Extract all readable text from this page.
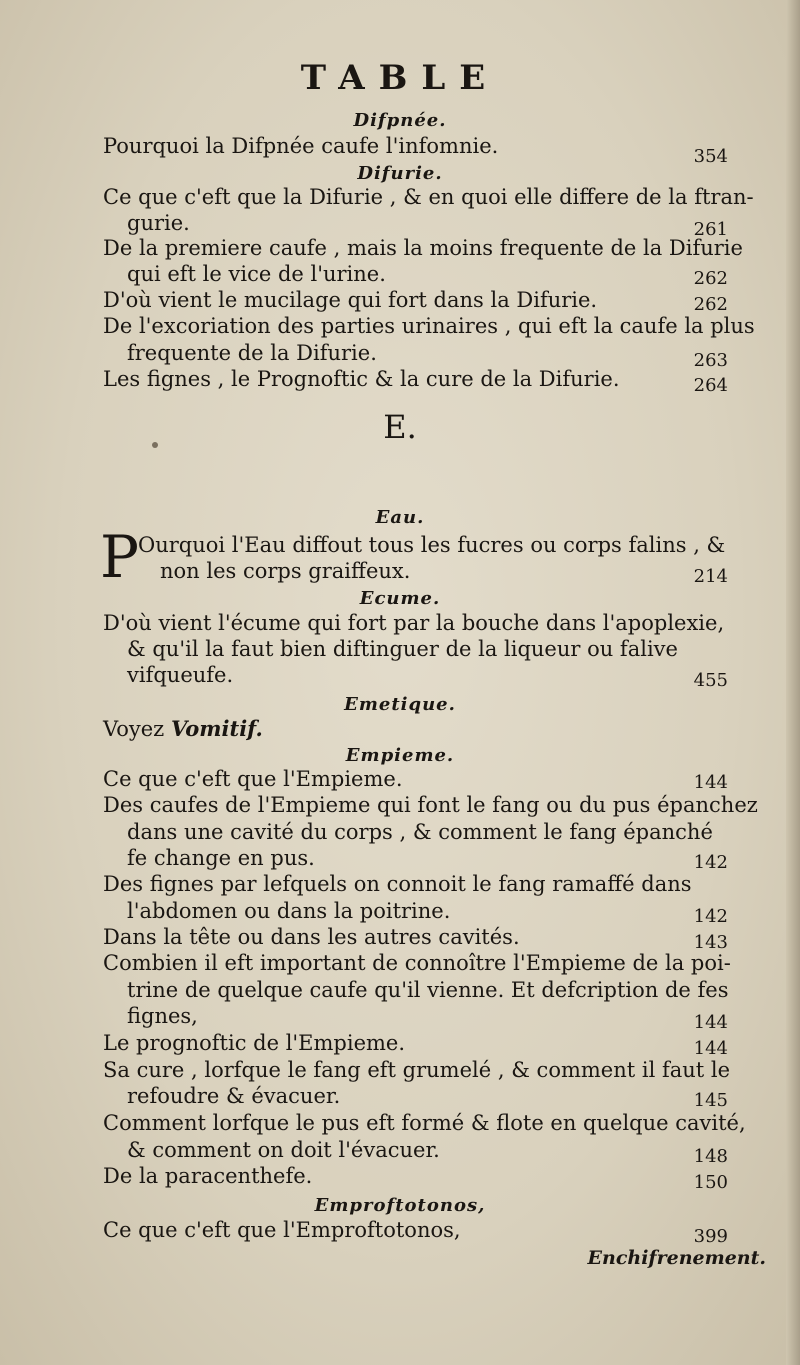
TABLE
Difpnée.
Pourquoi la Difpnée caufe l'infomnie.	354
Difurie.
Ce que c'eft que la Difurie , & en quoi elle differe de la ftran-
gurie.	261
De la premiere caufe , mais la moins frequente de la Difurie
qui eft le vice de l'urine.	262
D'où vient le mucilage qui fort dans la Difurie.	262
De l'excoriation des parties urinaires , qui eft la caufe la plus
frequente de la Difurie.	263
Les fignes , le Prognoftic & la cure de la Difurie.	264
E.
Eau.
P
Ourquoi l'Eau diffout tous les fucres ou corps falins , &
non les corps graiffeux.	214
Ecume.
D'où vient l'écume qui fort par la bouche dans l'apoplexie,
& qu'il la faut bien diftinguer de la liqueur ou falive
vifqueufe.	455
Emetique.
Voyez Vomitif.
Empieme.
Ce que c'eft que l'Empieme.	144
Des caufes de l'Empieme qui font le fang ou du pus épanchez
dans une cavité du corps , & comment le fang épanché
fe change en pus.	142
Des fignes par lefquels on connoit le fang ramaffé dans
l'abdomen ou dans la poitrine.	142
Dans la tête ou dans les autres cavités.	143
Combien il eft important de connoître l'Empieme de la poi-
trine de quelque caufe qu'il vienne. Et defcription de fes
fignes,	144
Le prognoftic de l'Empieme.	144
Sa cure , lorfque le fang eft grumelé , & comment il faut le
refoudre & évacuer.	145
Comment lorfque le pus eft formé & flote en quelque cavité,
& comment on doit l'évacuer.	148
De la paracenthefe.	150
Emproftotonos,
Ce que c'eft que l'Emproftotonos,	399
Enchifrenement.
